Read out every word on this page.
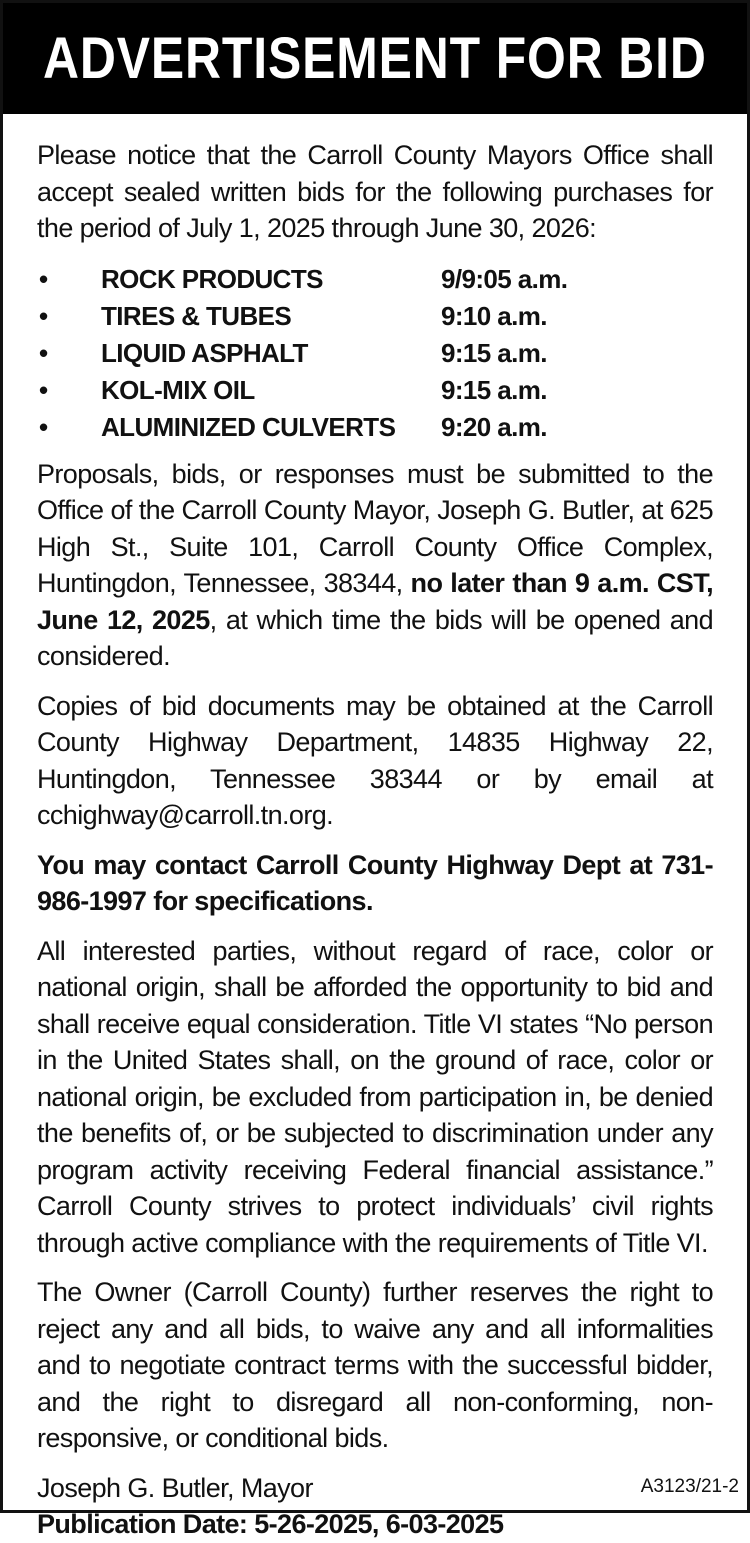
ADVERTISEMENT FOR BID

Please notice that the Carroll County Mayors Office shall accept sealed written bids for the following purchases for the period of July 1, 2025 through June 30, 2026:

•	ROCK PRODUCTS	9/9:05 a.m.
•	TIRES & TUBES	9:10 a.m.
•	LIQUID ASPHALT	9:15 a.m.
•	KOL-MIX OIL	9:15 a.m.
•	ALUMINIZED CULVERTS	9:20 a.m.

Proposals, bids, or responses must be submitted to the Office of the Carroll County Mayor, Joseph G. Butler, at 625 High St., Suite 101, Carroll County Office Complex, Huntingdon, Tennessee, 38344, no later than 9 a.m. CST, June 12, 2025, at which time the bids will be opened and considered.

Copies of bid documents may be obtained at the Carroll County Highway Department, 14835 Highway 22, Huntingdon, Tennessee 38344 or by email at cchighway@carroll.tn.org.

You may contact Carroll County Highway Dept at 731-986-1997 for specifications.

All interested parties, without regard of race, color or national origin, shall be afforded the opportunity to bid and shall receive equal consideration. Title VI states “No person in the United States shall, on the ground of race, color or national origin, be excluded from participation in, be denied the benefits of, or be subjected to discrimination under any program activity receiving Federal financial assistance.” Carroll County strives to protect individuals’ civil rights through active compliance with the requirements of Title VI.

The Owner (Carroll County) further reserves the right to reject any and all bids, to waive any and all informalities and to negotiate contract terms with the successful bidder, and the right to disregard all non-conforming, non-responsive, or conditional bids.

Joseph G. Butler, Mayor
Publication Date: 5-26-2025, 6-03-2025
A3123/21-2
